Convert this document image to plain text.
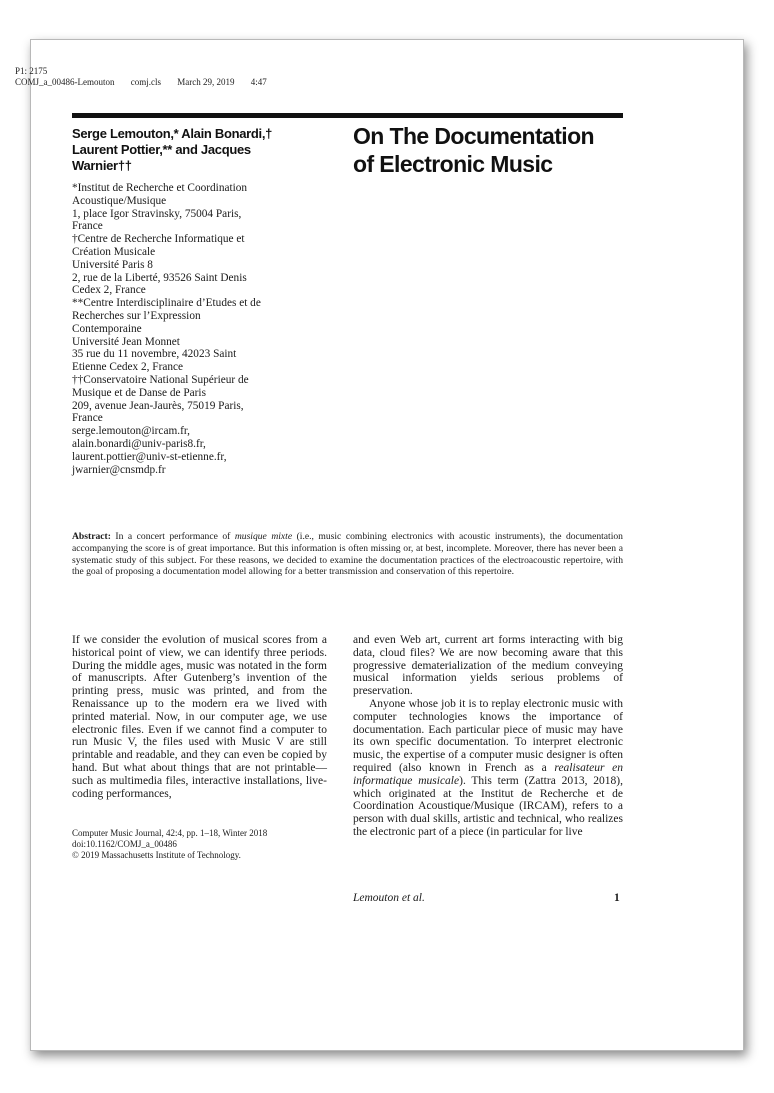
P1: 2175
COMJ_a_00486-Lemouton comj.cls March 29, 2019 4:47
Serge Lemouton,* Alain Bonardi,†
Laurent Pottier,** and Jacques
Warnier††
On The Documentation
of Electronic Music
*Institut de Recherche et Coordination
Acoustique/Musique
1, place Igor Stravinsky, 75004 Paris,
France
†Centre de Recherche Informatique et
Création Musicale
Université Paris 8
2, rue de la Liberté, 93526 Saint Denis
Cedex 2, France
**Centre Interdisciplinaire d’Etudes et de
Recherches sur l’Expression
Contemporaine
Université Jean Monnet
35 rue du 11 novembre, 42023 Saint
Etienne Cedex 2, France
††Conservatoire National Supérieur de
Musique et de Danse de Paris
209, avenue Jean-Jaurès, 75019 Paris,
France
serge.lemouton@ircam.fr,
alain.bonardi@univ-paris8.fr,
laurent.pottier@univ-st-etienne.fr,
jwarnier@cnsmdp.fr
Abstract: In a concert performance of musique mixte (i.e., music combining electronics with acoustic instruments), the documentation accompanying the score is of great importance. But this information is often missing or, at best, incomplete. Moreover, there has never been a systematic study of this subject. For these reasons, we decided to examine the documentation practices of the electroacoustic repertoire, with the goal of proposing a documentation model allowing for a better transmission and conservation of this repertoire.

If we consider the evolution of musical scores from a historical point of view, we can identify three periods. During the middle ages, music was notated in the form of manuscripts. After Gutenberg’s invention of the printing press, music was printed, and from the Renaissance up to the modern era we lived with printed material. Now, in our computer age, we use electronic files. Even if we cannot find a computer to run Music V, the files used with Music V are still printable and readable, and they can even be copied by hand. But what about things that are not printable—such as multimedia files, interactive installations, live-coding performances,

and even Web art, current art forms interacting with big data, cloud files? We are now becoming aware that this progressive dematerialization of the medium conveying musical information yields serious problems of preservation.

Anyone whose job it is to replay electronic music with computer technologies knows the importance of documentation. Each particular piece of music may have its own specific documentation. To interpret electronic music, the expertise of a computer music designer is often required (also known in French as a realisateur en informatique musicale). This term (Zattra 2013, 2018), which originated at the Institut de Recherche et de Coordination Acoustique/Musique (IRCAM), refers to a person with dual skills, artistic and technical, who realizes the electronic part of a piece (in particular for live

Computer Music Journal, 42:4, pp. 1–18, Winter 2018
doi:10.1162/COMJ_a_00486
© 2019 Massachusetts Institute of Technology.
Lemouton et al.	1
